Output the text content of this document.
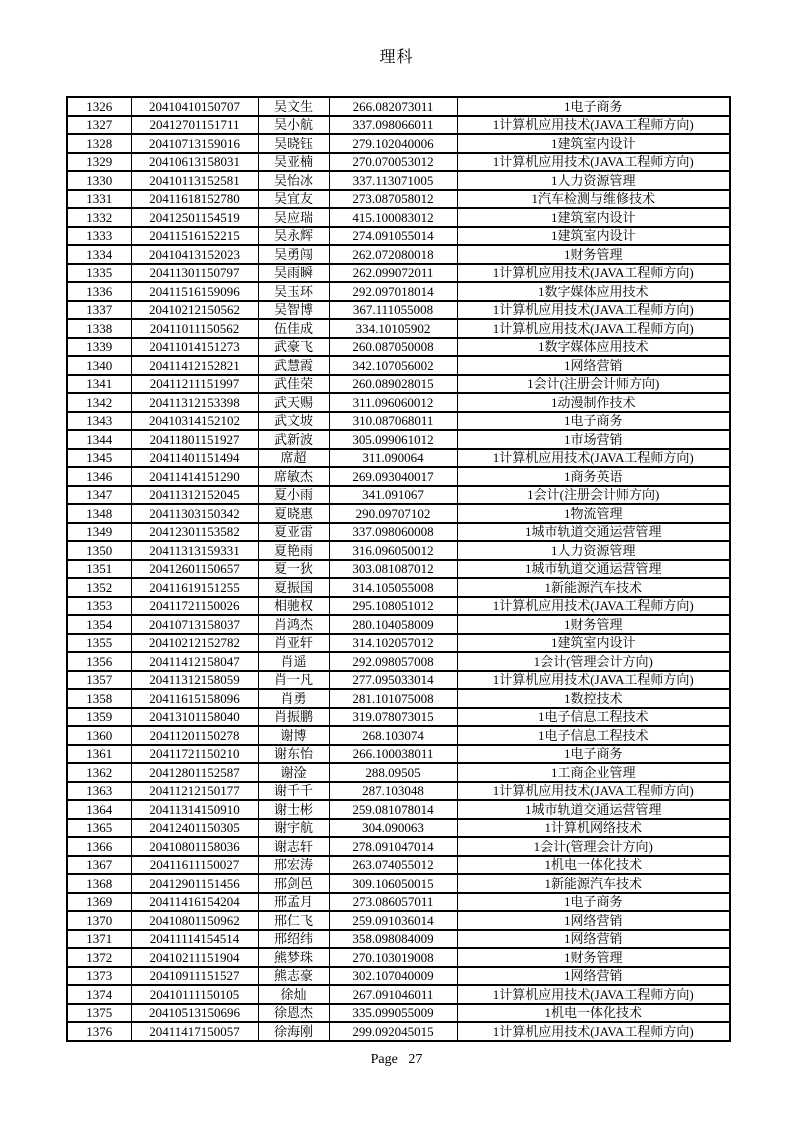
理科
1326	20410410150707	吴文生	266.082073011	1电子商务
1327	20412701151711	吴小航	337.098066011	1计算机应用技术(JAVA工程师方向)
1328	20410713159016	吴晓钰	279.102040006	1建筑室内设计
1329	20410613158031	吴亚楠	270.070053012	1计算机应用技术(JAVA工程师方向)
1330	20410113152581	吴怡冰	337.113071005	1人力资源管理
1331	20411618152780	吴宜友	273.087058012	1汽车检测与维修技术
1332	20412501154519	吴应瑞	415.100083012	1建筑室内设计
1333	20411516152215	吴永辉	274.091055014	1建筑室内设计
1334	20410413152023	吴勇闯	262.072080018	1财务管理
1335	20411301150797	吴雨瞬	262.099072011	1计算机应用技术(JAVA工程师方向)
1336	20411516159096	吴玉环	292.097018014	1数字媒体应用技术
1337	20410212150562	吴智博	367.111055008	1计算机应用技术(JAVA工程师方向)
1338	20411011150562	伍佳成	334.10105902	1计算机应用技术(JAVA工程师方向)
1339	20411014151273	武豪飞	260.087050008	1数字媒体应用技术
1340	20411412152821	武慧霞	342.107056002	1网络营销
1341	20411211151997	武佳荣	260.089028015	1会计(注册会计师方向)
1342	20411312153398	武天赐	311.096060012	1动漫制作技术
1343	20410314152102	武文坡	310.087068011	1电子商务
1344	20411801151927	武新波	305.099061012	1市场营销
1345	20411401151494	席超	311.090064	1计算机应用技术(JAVA工程师方向)
1346	20411414151290	席敏杰	269.093040017	1商务英语
1347	20411312152045	夏小雨	341.091067	1会计(注册会计师方向)
1348	20411303150342	夏晓惠	290.09707102	1物流管理
1349	20412301153582	夏亚雷	337.098060008	1城市轨道交通运营管理
1350	20411313159331	夏艳雨	316.096050012	1人力资源管理
1351	20412601150657	夏一狄	303.081087012	1城市轨道交通运营管理
1352	20411619151255	夏振国	314.105055008	1新能源汽车技术
1353	20411721150026	相驰权	295.108051012	1计算机应用技术(JAVA工程师方向)
1354	20410713158037	肖鸿杰	280.104058009	1财务管理
1355	20410212152782	肖亚轩	314.102057012	1建筑室内设计
1356	20411412158047	肖遥	292.098057008	1会计(管理会计方向)
1357	20411312158059	肖一凡	277.095033014	1计算机应用技术(JAVA工程师方向)
1358	20411615158096	肖勇	281.101075008	1数控技术
1359	20413101158040	肖振鹏	319.078073015	1电子信息工程技术
1360	20411201150278	谢博	268.103074	1电子信息工程技术
1361	20411721150210	谢东怡	266.100038011	1电子商务
1362	20412801152587	谢淦	288.09505	1工商企业管理
1363	20411212150177	谢千千	287.103048	1计算机应用技术(JAVA工程师方向)
1364	20411314150910	谢士彬	259.081078014	1城市轨道交通运营管理
1365	20412401150305	谢宇航	304.090063	1计算机网络技术
1366	20410801158036	谢志轩	278.091047014	1会计(管理会计方向)
1367	20411611150027	邢宏涛	263.074055012	1机电一体化技术
1368	20412901151456	邢剑邑	309.106050015	1新能源汽车技术
1369	20411416154204	邢孟月	273.086057011	1电子商务
1370	20410801150962	邢仁飞	259.091036014	1网络营销
1371	20411114154514	邢绍纬	358.098084009	1网络营销
1372	20410211151904	熊梦珠	270.103019008	1财务管理
1373	20410911151527	熊志豪	302.107040009	1网络营销
1374	20410111150105	徐灿	267.091046011	1计算机应用技术(JAVA工程师方向)
1375	20410513150696	徐恩杰	335.099055009	1机电一体化技术
1376	20411417150057	徐海刚	299.092045015	1计算机应用技术(JAVA工程师方向)
Page 27
